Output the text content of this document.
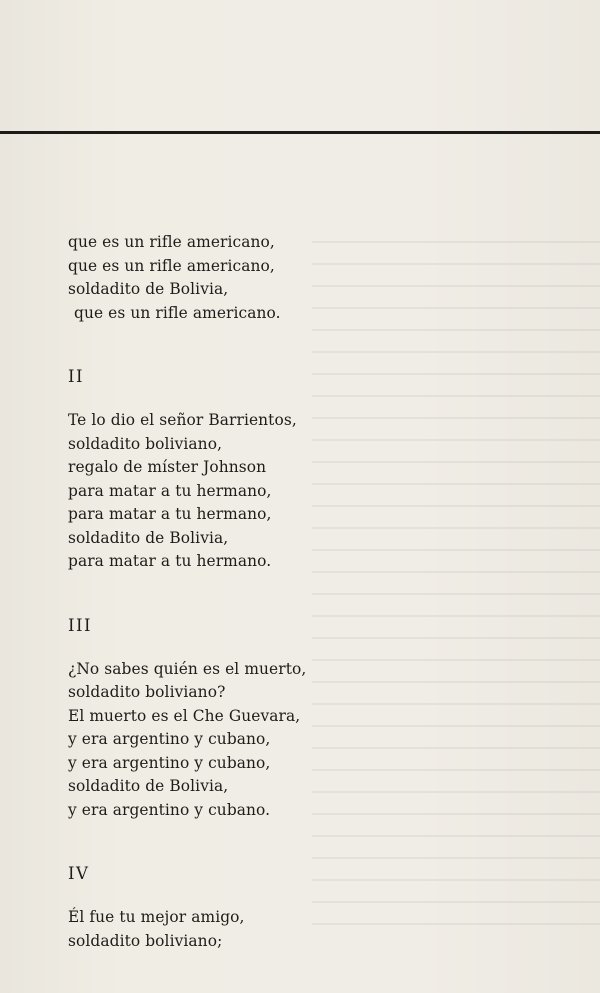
que es un rifle americano,
que es un rifle americano,
soldadito de Bolivia,
que es un rifle americano.
II
Te lo dio el señor Barrientos,
soldadito boliviano,
regalo de míster Johnson
para matar a tu hermano,
para matar a tu hermano,
soldadito de Bolivia,
para matar a tu hermano.
III
¿No sabes quién es el muerto,
soldadito boliviano?
El muerto es el Che Guevara,
y era argentino y cubano,
y era argentino y cubano,
soldadito de Bolivia,
y era argentino y cubano.
IV
Él fue tu mejor amigo,
soldadito boliviano;
